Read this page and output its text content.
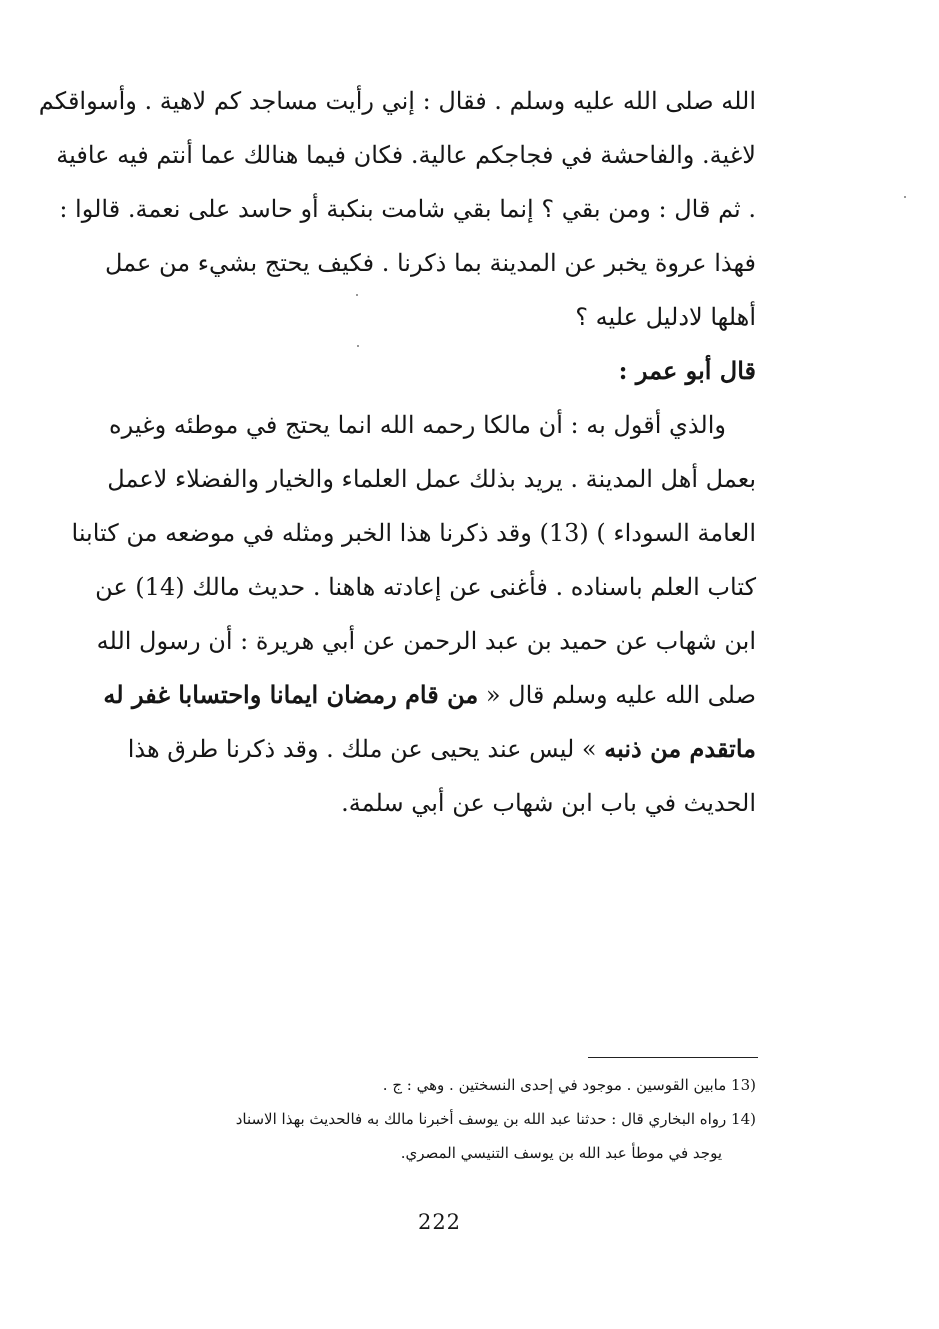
الله صلى الله عليه وسلم . فقال : إني رأيت مساجد كم لاهية . وأسواقكم
لاغية. والفاحشة في فجاجكم عالية. فكان فيما هنالك عما أنتم فيه عافية
. ثم قال : ومن بقي ؟ إنما بقي شامت بنكبة أو حاسد على نعمة. قالوا :
فهذا عروة يخبر عن المدينة بما ذكرنا . فكيف يحتج بشيء من عمل
أهلها لادليل عليه ؟
قال أبو عمر :
والذي أقول به : أن مالكا رحمه الله انما يحتج في موطئه وغيره
بعمل أهل المدينة . يريد بذلك عمل العلماء والخيار والفضلاء لاعمل
العامة السوداء ) (13) وقد ذكرنا هذا الخبر ومثله في موضعه من كتابنا
كتاب العلم باسناده . فأغنى عن إعادته هاهنا . حديث مالك (14) عن
ابن شهاب عن حميد بن عبد الرحمن عن أبي هريرة : أن رسول الله
صلى الله عليه وسلم قال « من قام رمضان ايمانا واحتسابا غفر له
ماتقدم من ذنبه » ليس عند يحيى عن ملك . وقد ذكرنا طرق هذا
الحديث في باب ابن شهاب عن أبي سلمة.
(13 مابين القوسين . موجود في إحدى النسختين . وهي : ج .
(14 رواه البخاري قال : حدثنا عبد الله بن يوسف أخبرنا مالك به فالحديث بهذا الاسناد
يوجد في موطأ عبد الله بن يوسف التنيسي المصري.
222
